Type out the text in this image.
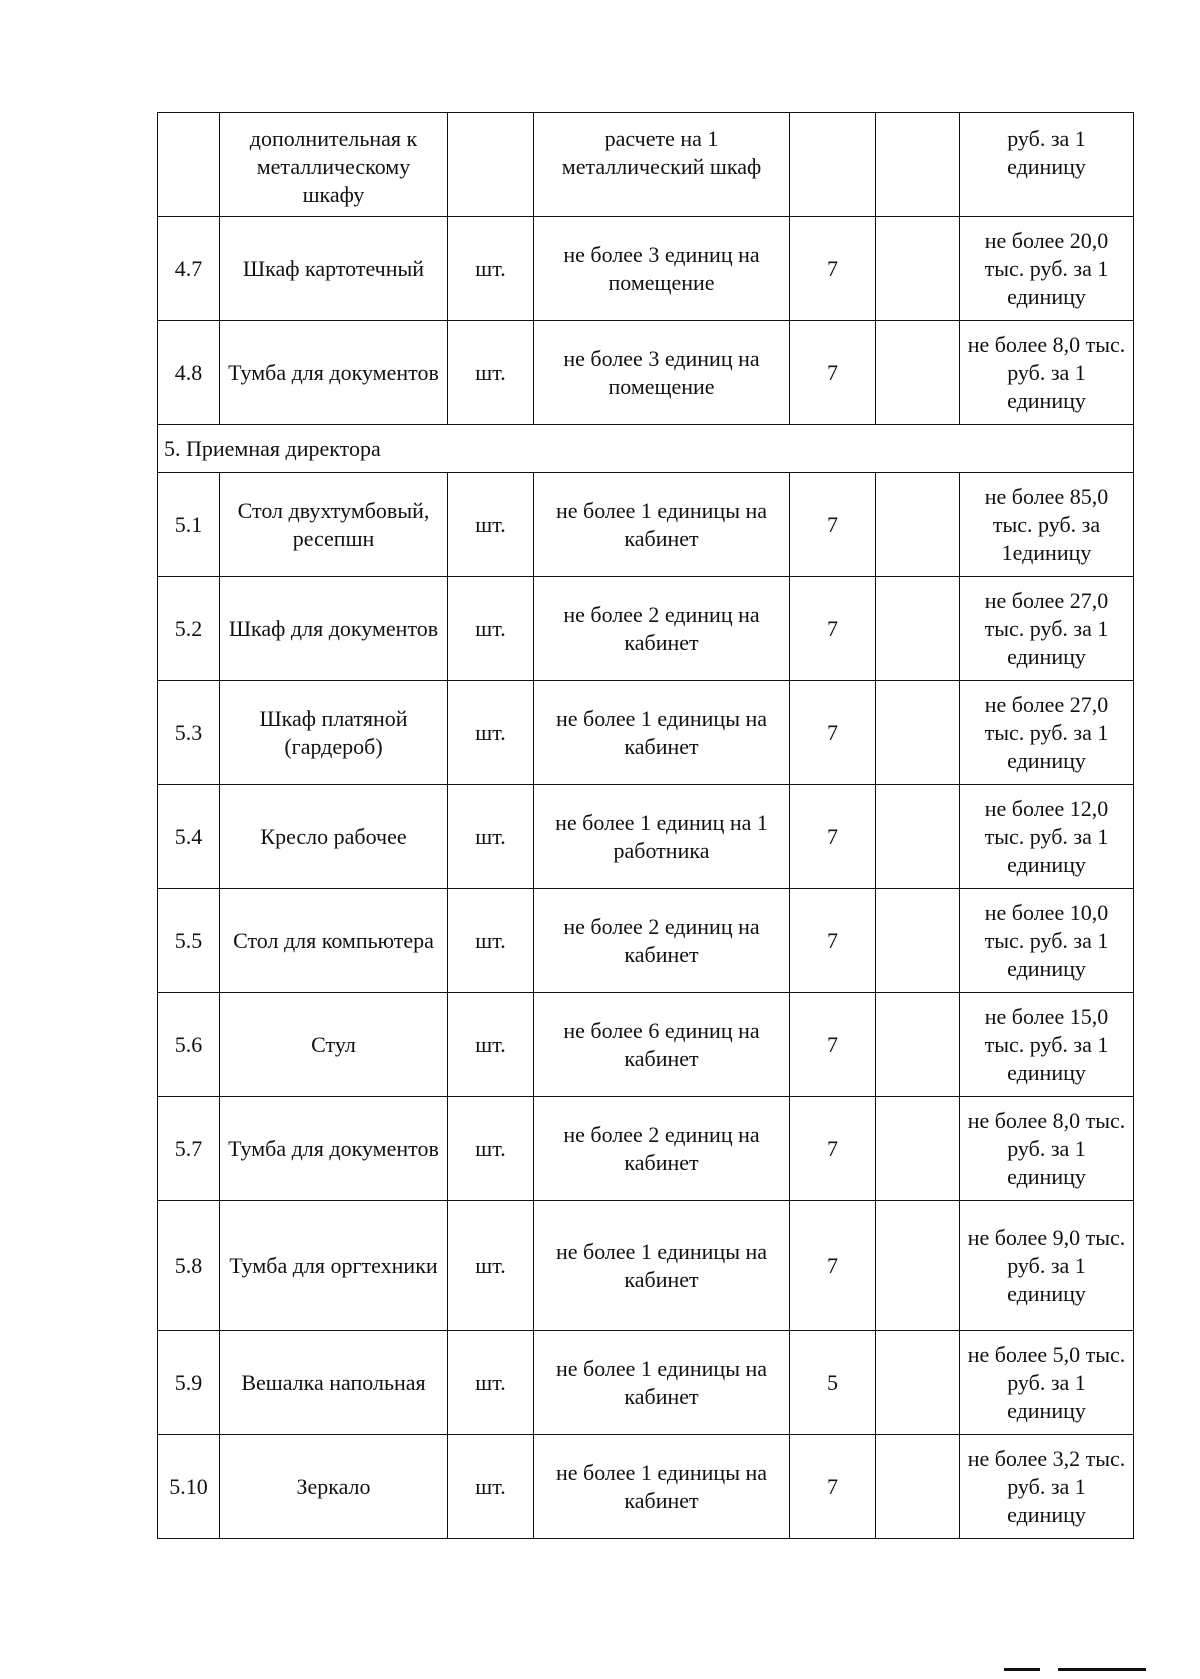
	дополнительная к металлическому шкафу		расчете на 1 металлический шкаф			руб. за 1 единицу
4.7	Шкаф картотечный	шт.	не более 3 единиц на помещение	7		не более 20,0 тыс. руб. за 1 единицу
4.8	Тумба для документов	шт.	не более 3 единиц на помещение	7		не более 8,0 тыс. руб. за 1 единицу
5. Приемная директора						
5.1	Стол двухтумбовый, ресепшн	шт.	не более 1 единицы на кабинет	7		не более 85,0 тыс. руб. за 1единицу
5.2	Шкаф для документов	шт.	не более 2 единиц на кабинет	7		не более 27,0 тыс. руб. за 1 единицу
5.3	Шкаф платяной (гардероб)	шт.	не более 1 единицы на кабинет	7		не более 27,0 тыс. руб. за 1 единицу
5.4	Кресло рабочее	шт.	не более 1 единиц на 1 работника	7		не более 12,0 тыс. руб. за 1 единицу
5.5	Стол для компьютера	шт.	не более 2 единиц на кабинет	7		не более 10,0 тыс. руб. за 1 единицу
5.6	Стул	шт.	не более 6 единиц на кабинет	7		не более 15,0 тыс. руб. за 1 единицу
5.7	Тумба для документов	шт.	не более 2 единиц на кабинет	7		не более 8,0 тыс. руб. за 1 единицу
5.8	Тумба для оргтехники	шт.	не более 1 единицы на кабинет	7		не более 9,0 тыс. руб. за 1 единицу
5.9	Вешалка напольная	шт.	не более 1 единицы на кабинет	5		не более 5,0 тыс. руб. за 1 единицу
5.10	Зеркало	шт.	не более 1 единицы на кабинет	7		не более 3,2 тыс. руб. за 1 единицу
